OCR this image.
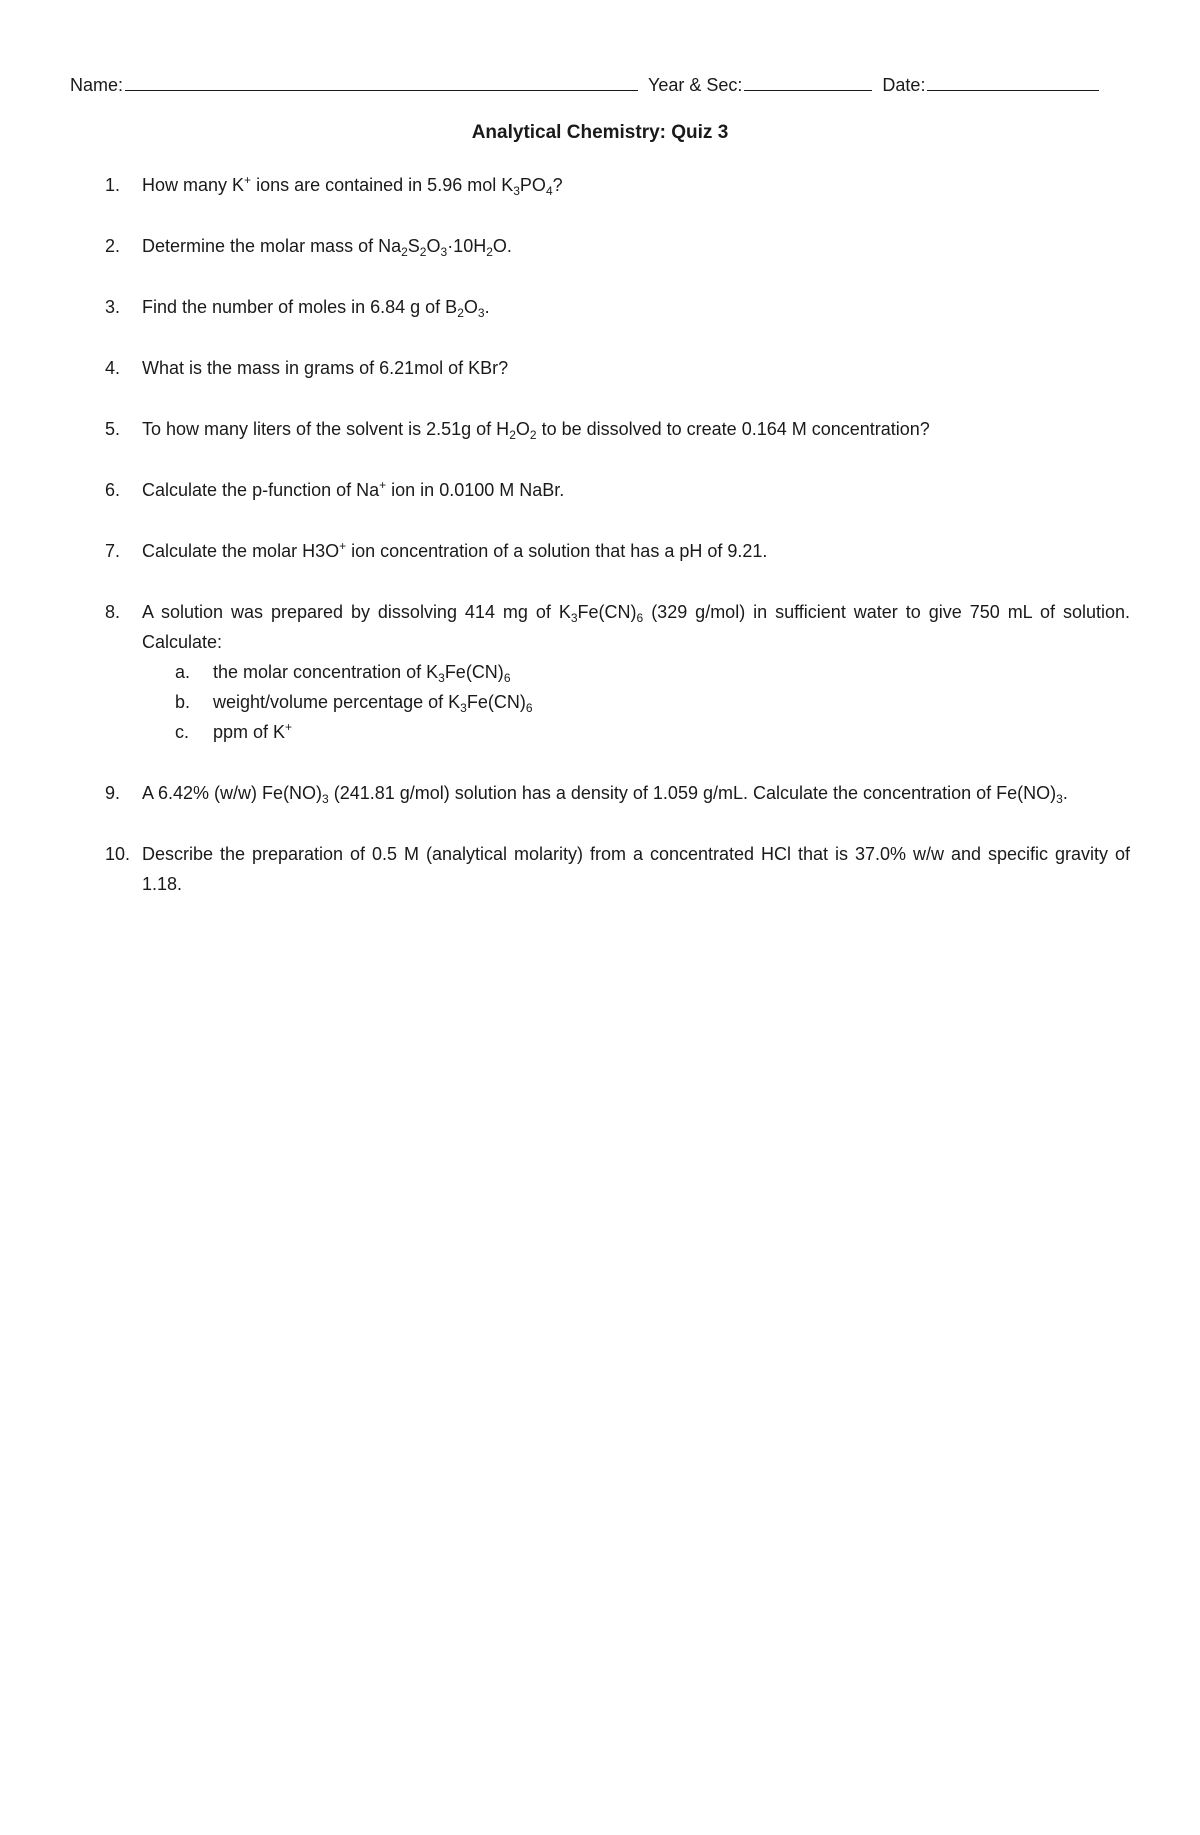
Name:	Year & Sec:	Date:
Analytical Chemistry: Quiz 3
1. How many K+ ions are contained in 5.96 mol $K_3PO_4$?
2. Determine the molar mass of $Na_2S_2O_3\cdot 10H_2O$.
3. Find the number of moles in 6.84 g of $B_2O_3$.
4. What is the mass in grams of 6.21mol of KBr?
5. To how many liters of the solvent is 2.51g of $H_2O_2$ to be dissolved to create 0.164 M concentration?
6. Calculate the p-function of Na+ ion in 0.0100 M NaBr.
7. Calculate the molar H3O+ ion concentration of a solution that has a pH of 9.21.
8. A solution was prepared by dissolving 414 mg of $K_3Fe(CN)_6$ (329 g/mol) in sufficient water to give 750 mL of solution. Calculate:
a. the molar concentration of $K_3Fe(CN)_6$
b. weight/volume percentage of $K_3Fe(CN)_6$
c. ppm of K+
9. A 6.42% (w/w) $Fe(NO)_3$ (241.81 g/mol) solution has a density of 1.059 g/mL. Calculate the concentration of $Fe(NO)_3$.
10. Describe the preparation of 0.5 M (analytical molarity) from a concentrated HCl that is 37.0% w/w and specific gravity of 1.18.
